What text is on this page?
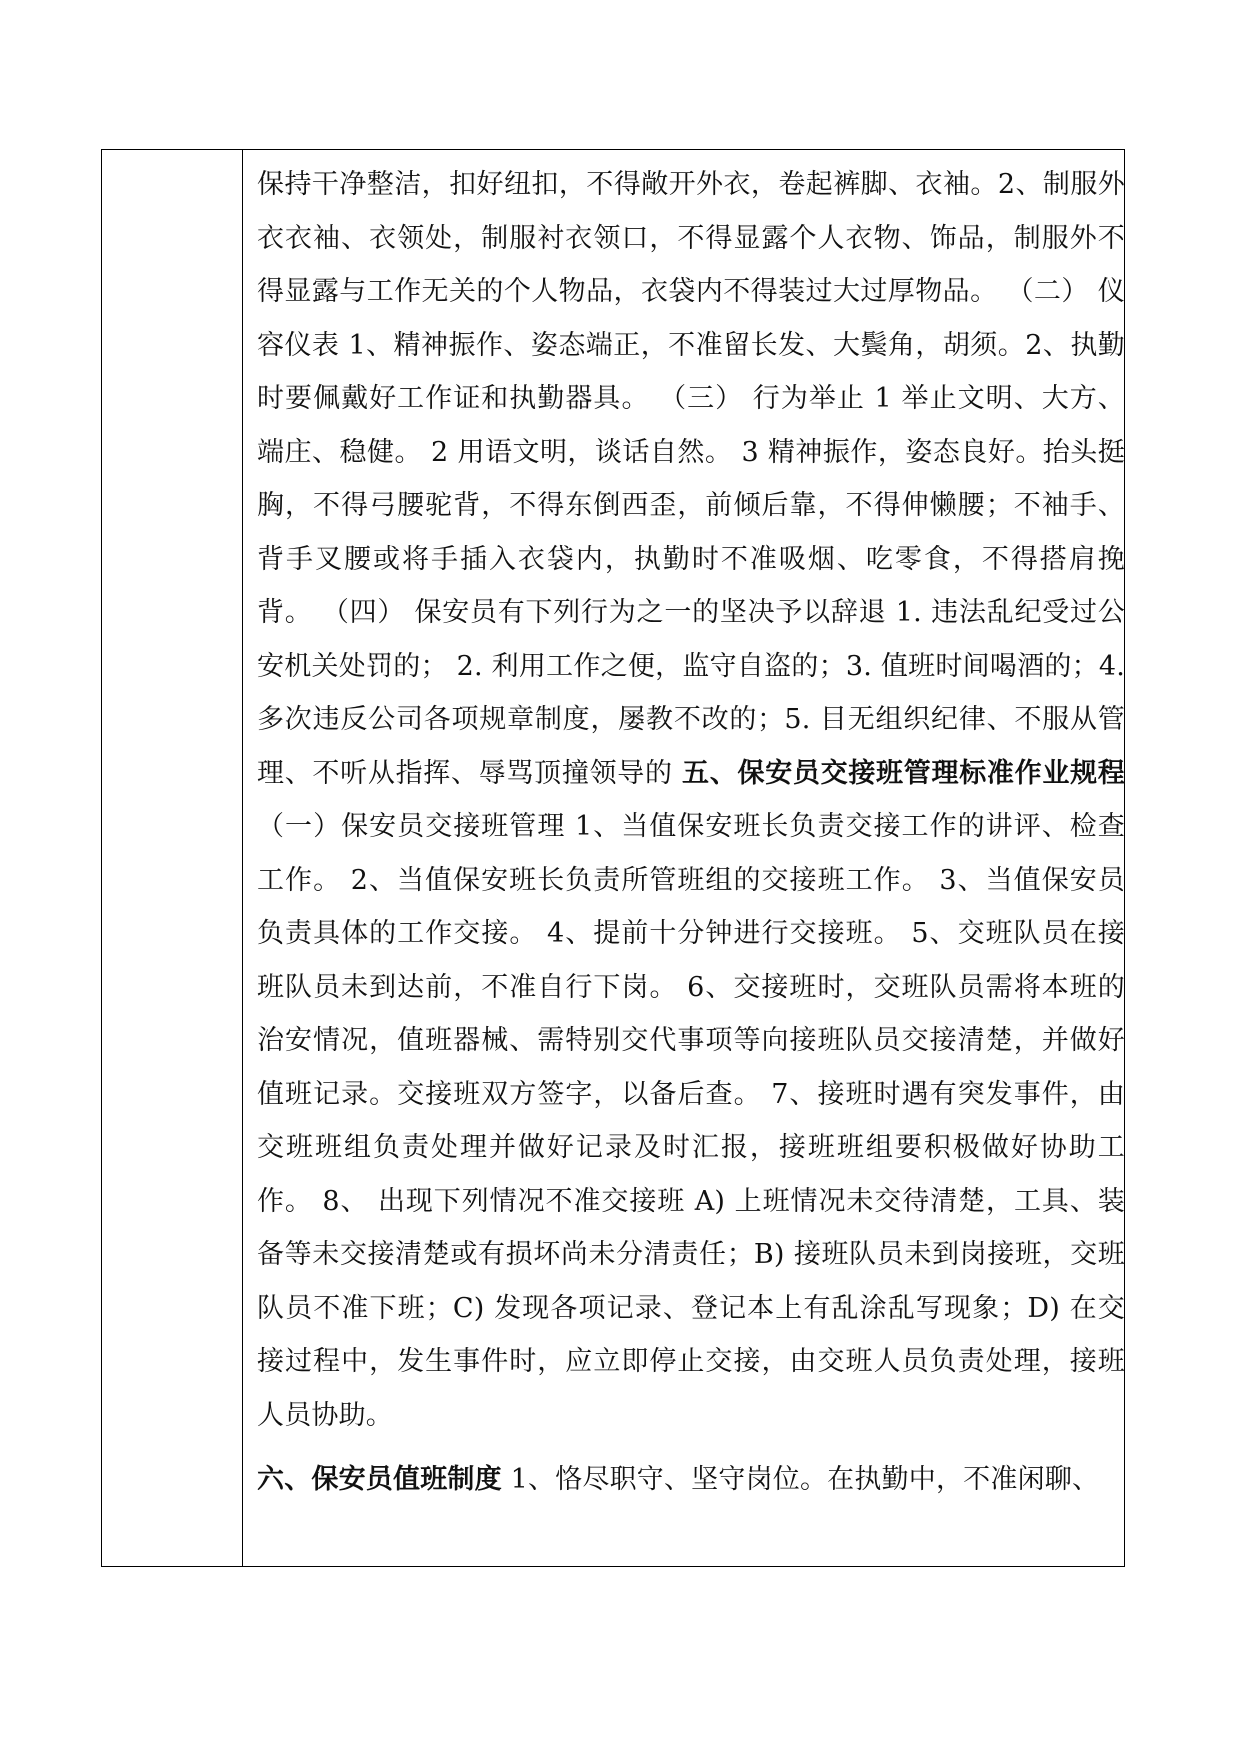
保持干净整洁，扣好纽扣，不得敞开外衣，卷起裤脚、衣袖。2、制服外衣衣袖、衣领处，制服衬衣领口，不得显露个人衣物、饰品，制服外不得显露与工作无关的个人物品，衣袋内不得装过大过厚物品。 （二） 仪容仪表 1、精神振作、姿态端正，不准留长发、大鬓角，胡须。2、执勤时要佩戴好工作证和执勤器具。 （三） 行为举止 1 举止文明、大方、端庄、稳健。 2 用语文明，谈话自然。 3 精神振作，姿态良好。抬头挺胸，不得弓腰驼背，不得东倒西歪，前倾后靠，不得伸懒腰；不袖手、背手叉腰或将手插入衣袋内，执勤时不准吸烟、吃零食，不得搭肩挽背。 （四） 保安员有下列行为之一的坚决予以辞退 1. 违法乱纪受过公安机关处罚的； 2. 利用工作之便，监守自盗的；3. 值班时间喝酒的；4. 多次违反公司各项规章制度，屡教不改的；5. 目无组织纪律、不服从管理、不听从指挥、辱骂顶撞领导的 五、保安员交接班管理标准作业规程 （一）保安员交接班管理 1、当值保安班长负责交接工作的讲评、检查工作。 2、当值保安班长负责所管班组的交接班工作。 3、当值保安员负责具体的工作交接。 4、提前十分钟进行交接班。 5、交班队员在接班队员未到达前，不准自行下岗。 6、交接班时，交班队员需将本班的治安情况，值班器械、需特别交代事项等向接班队员交接清楚，并做好值班记录。交接班双方签字，以备后查。 7、接班时遇有突发事件，由交班班组负责处理并做好记录及时汇报，接班班组要积极做好协助工作。 8、 出现下列情况不准交接班 A) 上班情况未交待清楚，工具、装备等未交接清楚或有损坏尚未分清责任；B) 接班队员未到岗接班，交班队员不准下班；C) 发现各项记录、登记本上有乱涂乱写现象；D) 在交接过程中，发生事件时，应立即停止交接，由交班人员负责处理，接班人员协助。

六、保安员值班制度 1、恪尽职守、坚守岗位。在执勤中，不准闲聊、
